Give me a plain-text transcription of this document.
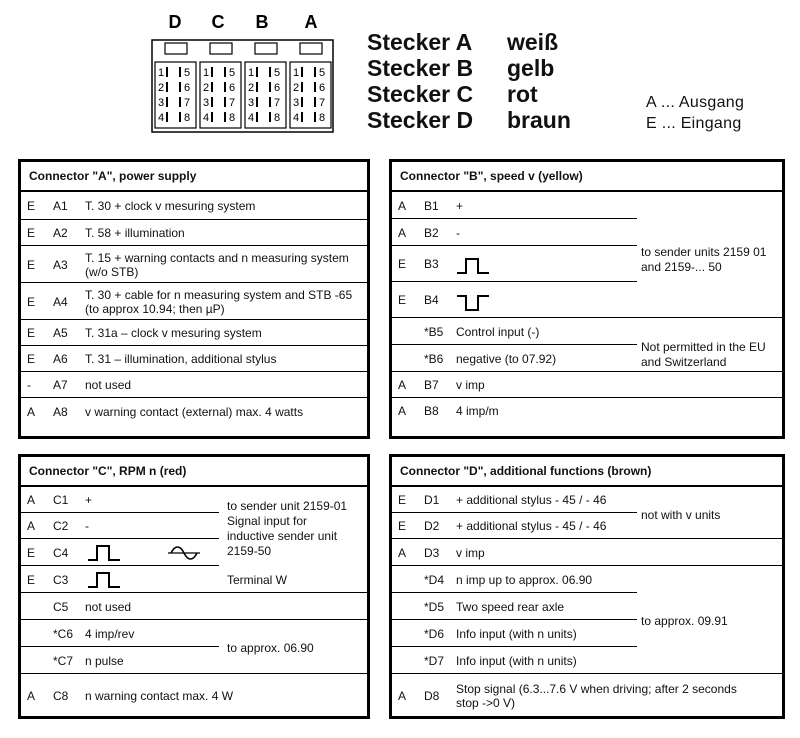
D C B A
1 5
2 6
3 7
4 8
1 5
2 6
3 7
4 8
1 5
2 6
3 7
4 8
1 5
2 6
3 7
4 8
Stecker A weiß
Stecker B gelb
Stecker C rot
Stecker D braun
A ... Ausgang
E ... Eingang
Connector "A", power supply
E A1 T. 30 + clock v mesuring system
E A2 T. 58 + illumination
E A3 T. 15 + warning contacts and n measuring system
(w/o STB)
E A4 T. 30 + cable for n measuring system and STB -65
(to approx 10.94; then µP)
E A5 T. 31a – clock v mesuring system
E A6 T. 31 – illumination, additional stylus
- A7 not used
A A8 v warning contact (external) max. 4 watts
Connector "B", speed v (yellow)
to sender units 2159 01
and 2159-... 50
Not permitted in the EU
and Switzerland
A B1 +
A B2 -
E B3
E B4
*B5 Control input (-)
*B6 negative (to 07.92)
A B7 v imp
A B8 4 imp/m
Connector "C", RPM n (red)
to sender unit 2159-01
Signal input for
inductive sender unit
2159-50
Terminal W
to approx. 06.90
A C1 +
A C2 -
E C4
E C3
C5 not used
*C6 4 imp/rev
*C7 n pulse
A C8 n warning contact max. 4 W
Connector "D", additional functions (brown)
not with v units
to approx. 09.91
E D1 + additional stylus - 45 / - 46
E D2 + additional stylus - 45 / - 46
A D3 v imp
*D4 n imp up to approx. 06.90
*D5 Two speed rear axle
*D6 Info input (with n units)
*D7 Info input (with n units)
A D8 Stop signal (6.3...7.6 V when driving; after 2 seconds
stop ->0 V)
